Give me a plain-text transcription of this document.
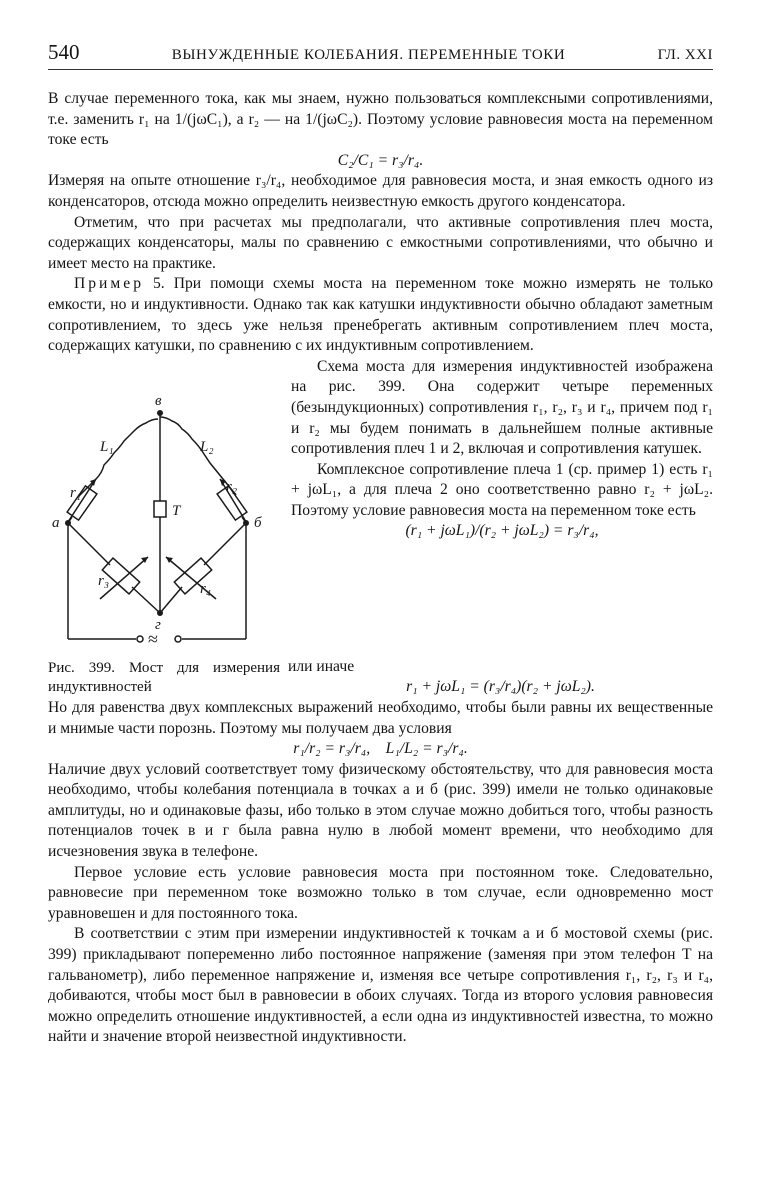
540	ВЫНУЖДЕННЫЕ КОЛЕБАНИЯ. ПЕРЕМЕННЫЕ ТОКИ	ГЛ. XXI

В случае переменного тока, как мы знаем, нужно пользоваться комплексными сопротивлениями, т.е. заменить r₁ на 1/(jωC₁), а r₂ — на 1/(jωC₂). Поэтому условие равновесия моста на переменном токе есть

C₂/C₁ = r₃/r₄.

Измеряя на опыте отношение r₃/r₄, необходимое для равновесия моста, и зная емкость одного из конденсаторов, отсюда можно определить неизвестную емкость другого конденсатора.

Отметим, что при расчетах мы предполагали, что активные сопротивления плеч моста, содержащих конденсаторы, малы по сравнению с емкостными сопротивлениями, что обычно и имеет место на практике.

Пример 5. При помощи схемы моста на переменном токе можно измерять не только емкости, но и индуктивности. Однако так как катушки индуктивности обычно обладают заметным сопротивлением, то здесь уже нельзя пренебрегать активным сопротивлением плеч моста, содержащих катушки, по сравнению с их индуктивным сопротивлением.

в
а	б
г
L₁	L₂
r₁	r₂
r₃	r₄
T
≈

Схема моста для измерения индуктивностей изображена на рис. 399. Она содержит четыре переменных (безындукционных) сопротивления r₁, r₂, r₃ и r₄, причем под r₁ и r₂ мы будем понимать в дальнейшем полные активные сопротивления плеч 1 и 2, включая и сопротивления катушек.

Комплексное сопротивление плеча 1 (ср. пример 1) есть r₁ + jωL₁, а для плеча 2 оно соответственно равно r₂ + jωL₂. Поэтому условие равновесия моста на переменном токе есть

(r₁ + jωL₁)/(r₂ + jωL₂) = r₃/r₄,

Рис. 399. Мост для измерения индуктивностей

или иначе

r₁ + jωL₁ = (r₃/r₄)(r₂ + jωL₂).

Но для равенства двух комплексных выражений необходимо, чтобы были равны их вещественные и мнимые части порознь. Поэтому мы получаем два условия

r₁/r₂ = r₃/r₄,    L₁/L₂ = r₃/r₄.

Наличие двух условий соответствует тому физическому обстоятельству, что для равновесия моста необходимо, чтобы колебания потенциала в точках а и б (рис. 399) имели не только одинаковые амплитуды, но и одинаковые фазы, ибо только в этом случае можно добиться того, чтобы разность потенциалов точек в и г была равна нулю в любой момент времени, что необходимо для исчезновения звука в телефоне.

Первое условие есть условие равновесия моста при постоянном токе. Следовательно, равновесие при переменном токе возможно только в том случае, если одновременно мост уравновешен и для постоянного тока.

В соответствии с этим при измерении индуктивностей к точкам а и б мостовой схемы (рис. 399) прикладывают попеременно либо постоянное напряжение (заменяя при этом телефон T на гальванометр), либо переменное напряжение и, изменяя все четыре сопротивления r₁, r₂, r₃ и r₄, добиваются, чтобы мост был в равновесии в обоих случаях. Тогда из второго условия равновесия можно определить отношение индуктивностей, а если одна из индуктивностей известна, то можно найти и значение второй неизвестной индуктивности.
